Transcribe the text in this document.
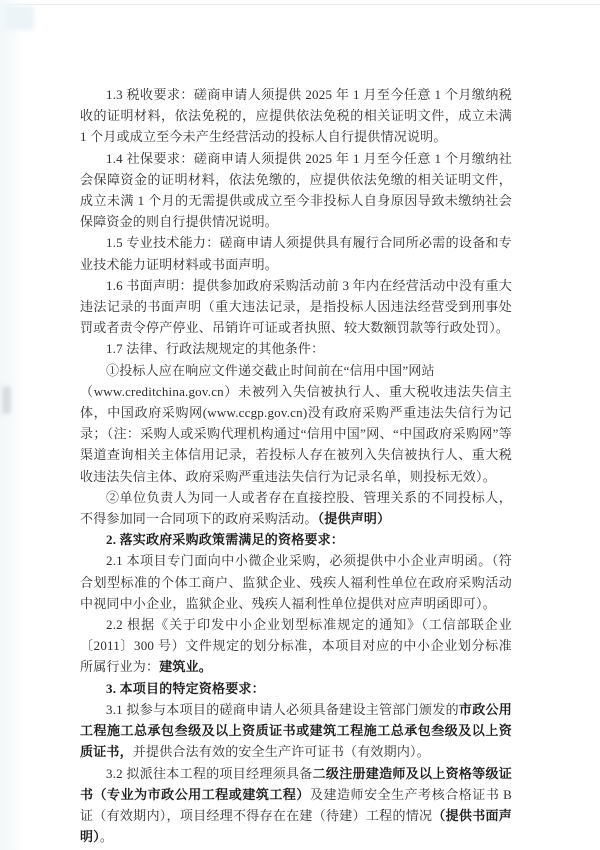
1.3 税收要求：磋商申请人须提供 2025 年 1 月至今任意 1 个月缴纳税收的证明材料，依法免税的，应提供依法免税的相关证明文件，成立未满 1 个月或成立至今未产生经营活动的投标人自行提供情况说明。

1.4 社保要求：磋商申请人须提供 2025 年 1 月至今任意 1 个月缴纳社会保障资金的证明材料，依法免缴的，应提供依法免缴的相关证明文件，成立未满 1 个月的无需提供或成立至今非投标人自身原因导致未缴纳社会保障资金的则自行提供情况说明。

1.5 专业技术能力：磋商申请人须提供具有履行合同所必需的设备和专业技术能力证明材料或书面声明。

1.6 书面声明：提供参加政府采购活动前 3 年内在经营活动中没有重大违法记录的书面声明（重大违法记录，是指投标人因违法经营受到刑事处罚或者责令停产停业、吊销许可证或者执照、较大数额罚款等行政处罚）。

1.7 法律、行政法规规定的其他条件：

①投标人应在响应文件递交截止时间前在“信用中国”网站
（www.creditchina.gov.cn）未被列入失信被执行人、重大税收违法失信主体，中国政府采购网(www.ccgp.gov.cn)没有政府采购严重违法失信行为记录；（注：采购人或采购代理机构通过“信用中国”网、“中国政府采购网”等渠道查询相关主体信用记录，若投标人存在被列入失信被执行人、重大税收违法失信主体、政府采购严重违法失信行为记录名单，则投标无效）。

②单位负责人为同一人或者存在直接控股、管理关系的不同投标人，不得参加同一合同项下的政府采购活动。（提供声明）

2. 落实政府采购政策需满足的资格要求：

2.1 本项目专门面向中小微企业采购，必须提供中小企业声明函。（符合划型标准的个体工商户、监狱企业、残疾人福利性单位在政府采购活动中视同中小企业，监狱企业、残疾人福利性单位提供对应声明函即可）。

2.2 根据《关于印发中小企业划型标准规定的通知》（工信部联企业〔2011〕300 号）文件规定的划分标准，本项目对应的中小企业划分标准所属行业为：建筑业。

3. 本项目的特定资格要求：

3.1 拟参与本项目的磋商申请人必须具备建设主管部门颁发的市政公用工程施工总承包叁级及以上资质证书或建筑工程施工总承包叁级及以上资质证书，并提供合法有效的安全生产许可证书（有效期内）。

3.2 拟派往本工程的项目经理须具备二级注册建造师及以上资格等级证书（专业为市政公用工程或建筑工程）及建造师安全生产考核合格证书 B 证（有效期内），项目经理不得存在在建（待建）工程的情况（提供书面声明）。
